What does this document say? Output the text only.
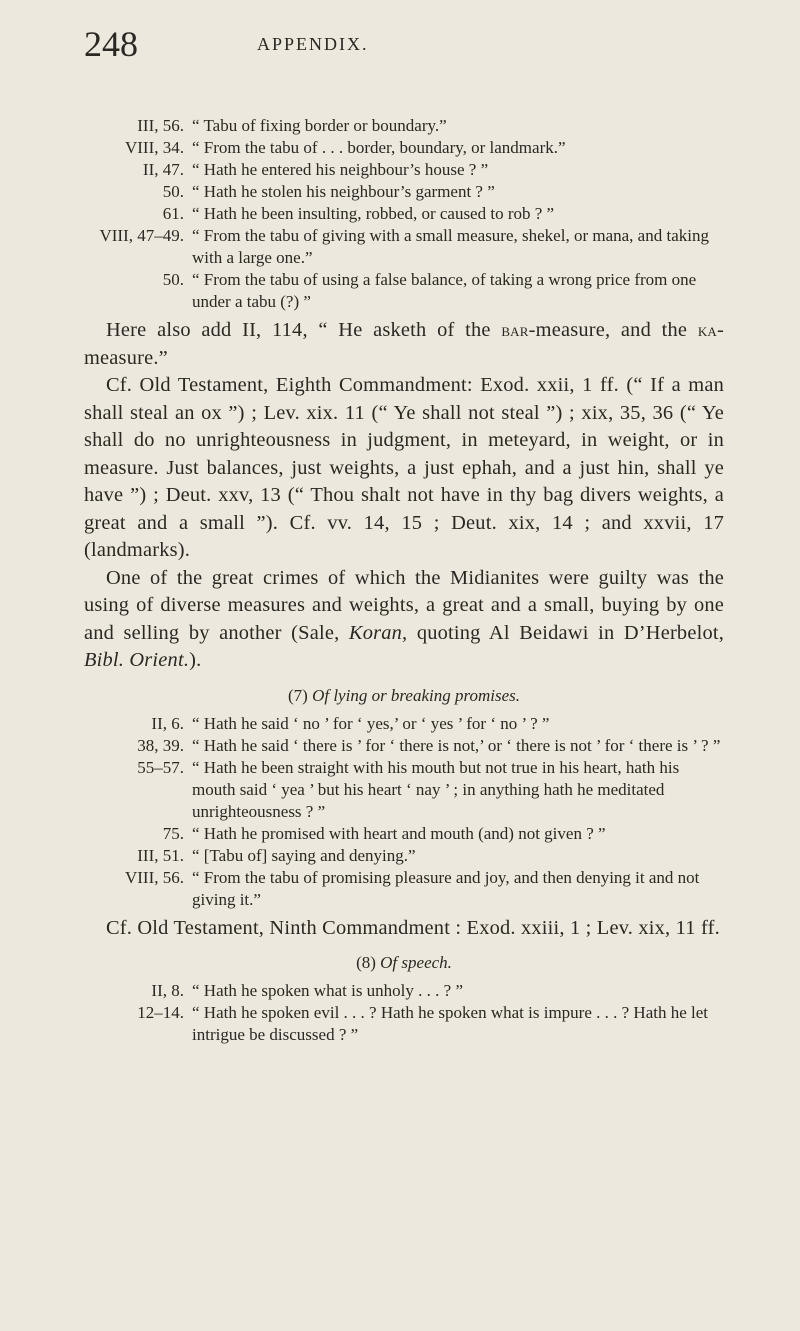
248	APPENDIX.
III, 56. “ Tabu of fixing border or boundary.”
VIII, 34. “ From the tabu of . . . border, boundary, or landmark.”
II, 47. “ Hath he entered his neighbour’s house ? ”
50. “ Hath he stolen his neighbour’s garment ? ”
61. “ Hath he been insulting, robbed, or caused to rob ? ”
VIII, 47–49. “ From the tabu of giving with a small measure, shekel, or mana, and taking with a large one.”
50. “ From the tabu of using a false balance, of taking a wrong price from one under a tabu (?) ”

Here also add II, 114, “ He asketh of the bar-measure, and the ka-measure.”

Cf. Old Testament, Eighth Commandment: Exod. xxii, 1 ff. (“ If a man shall steal an ox ”) ; Lev. xix. 11 (“ Ye shall not steal ”) ; xix, 35, 36 (“ Ye shall do no unrighteousness in judgment, in meteyard, in weight, or in measure. Just balances, just weights, a just ephah, and a just hin, shall ye have ”) ; Deut. xxv, 13 (“ Thou shalt not have in thy bag divers weights, a great and a small ”). Cf. vv. 14, 15 ; Deut. xix, 14 ; and xxvii, 17 (landmarks).

One of the great crimes of which the Midianites were guilty was the using of diverse measures and weights, a great and a small, buying by one and selling by another (Sale, Koran, quoting Al Beidawi in D’Herbelot, Bibl. Orient.).

(7) Of lying or breaking promises.
II, 6. “ Hath he said ‘ no ’ for ‘ yes,’ or ‘ yes ’ for ‘ no ’ ? ”
38, 39. “ Hath he said ‘ there is ’ for ‘ there is not,’ or ‘ there is not ’ for ‘ there is ’ ? ”
55–57. “ Hath he been straight with his mouth but not true in his heart, hath his mouth said ‘ yea ’ but his heart ‘ nay ’ ; in anything hath he meditated unrighteousness ? ”
75. “ Hath he promised with heart and mouth (and) not given ? ”
III, 51. “ [Tabu of] saying and denying.”
VIII, 56. “ From the tabu of promising pleasure and joy, and then denying it and not giving it.”

Cf. Old Testament, Ninth Commandment : Exod. xxiii, 1 ; Lev. xix, 11 ff.

(8) Of speech.
II, 8. “ Hath he spoken what is unholy . . . ? ”
12–14. “ Hath he spoken evil . . . ? Hath he spoken what is impure . . . ? Hath he let intrigue be discussed ? ”
